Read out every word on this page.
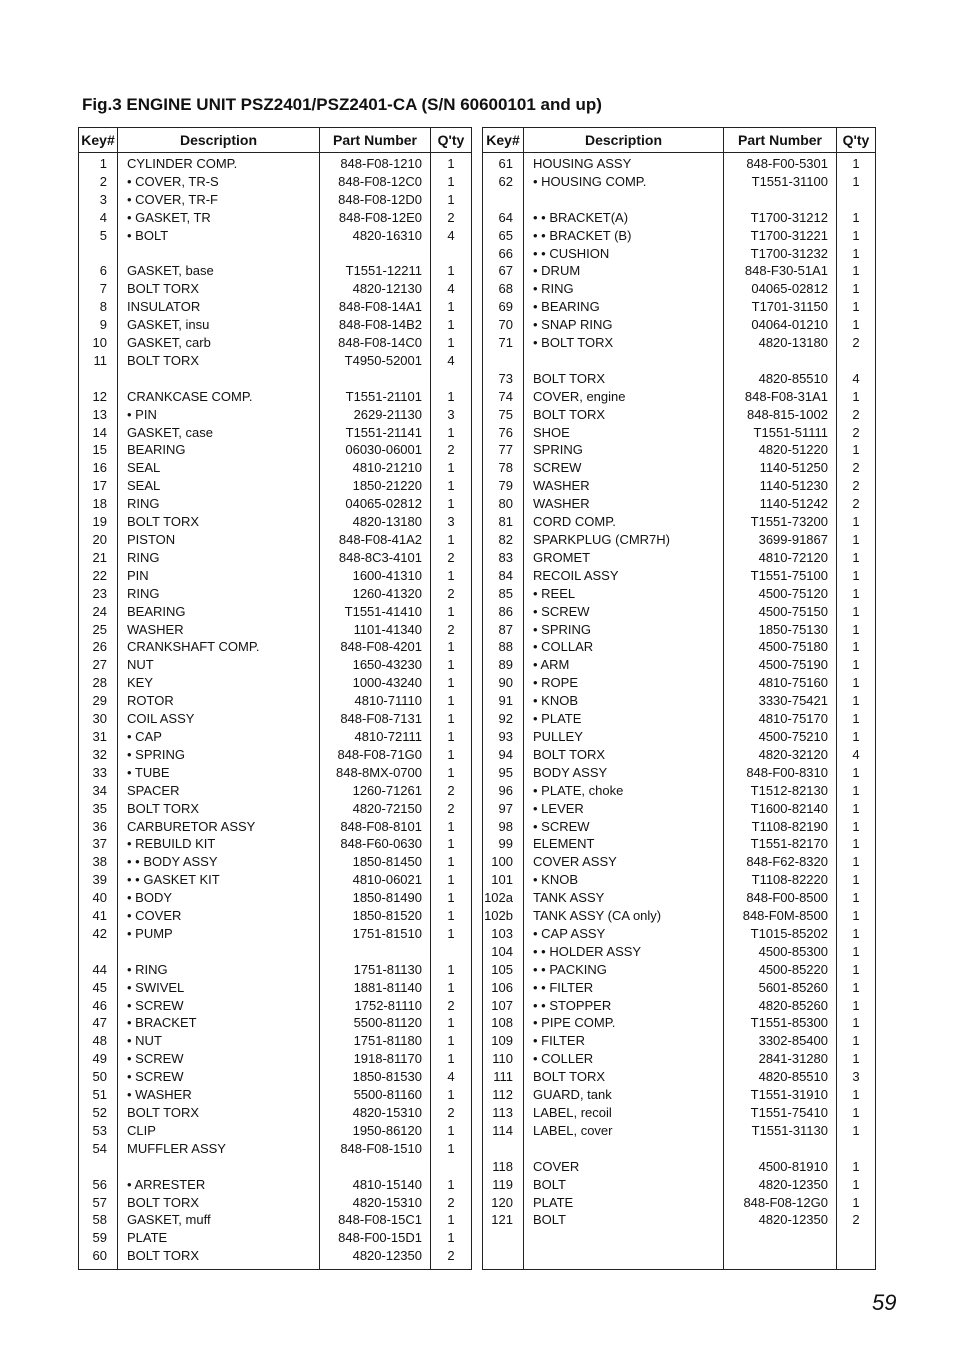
Fig.3 ENGINE UNIT PSZ2401/PSZ2401-CA (S/N 60600101 and up)
Key#	Description	Part Number	Q'ty
1	CYLINDER COMP.	848-F08-1210	1
2	• COVER, TR-S	848-F08-12C0	1
3	• COVER, TR-F	848-F08-12D0	1
4	• GASKET, TR	848-F08-12E0	2
5	• BOLT	4820-16310	4

6	GASKET, base	T1551-12211	1
7	BOLT TORX	4820-12130	4
8	INSULATOR	848-F08-14A1	1
9	GASKET, insu	848-F08-14B2	1
10	GASKET, carb	848-F08-14C0	1
11	BOLT TORX	T4950-52001	4

12	CRANKCASE COMP.	T1551-21101	1
13	• PIN	2629-21130	3
14	GASKET, case	T1551-21141	1
15	BEARING	06030-06001	2
16	SEAL	4810-21210	1
17	SEAL	1850-21220	1
18	RING	04065-02812	1
19	BOLT TORX	4820-13180	3
20	PISTON	848-F08-41A2	1
21	RING	848-8C3-4101	2
22	PIN	1600-41310	1
23	RING	1260-41320	2
24	BEARING	T1551-41410	1
25	WASHER	1101-41340	2
26	CRANKSHAFT COMP.	848-F08-4201	1
27	NUT	1650-43230	1
28	KEY	1000-43240	1
29	ROTOR	4810-71110	1
30	COIL ASSY	848-F08-7131	1
31	• CAP	4810-72111	1
32	• SPRING	848-F08-71G0	1
33	• TUBE	848-8MX-0700	1
34	SPACER	1260-71261	2
35	BOLT TORX	4820-72150	2
36	CARBURETOR ASSY	848-F08-8101	1
37	• REBUILD KIT	848-F60-0630	1
38	• • BODY ASSY	1850-81450	1
39	• • GASKET KIT	4810-06021	1
40	• BODY	1850-81490	1
41	• COVER	1850-81520	1
42	• PUMP	1751-81510	1

44	• RING	1751-81130	1
45	• SWIVEL	1881-81140	1
46	• SCREW	1752-81110	2
47	• BRACKET	5500-81120	1
48	• NUT	1751-81180	1
49	• SCREW	1918-81170	1
50	• SCREW	1850-81530	4
51	• WASHER	5500-81160	1
52	BOLT TORX	4820-15310	2
53	CLIP	1950-86120	1
54	MUFFLER ASSY	848-F08-1510	1

56	• ARRESTER	4810-15140	1
57	BOLT TORX	4820-15310	2
58	GASKET, muff	848-F08-15C1	1
59	PLATE	848-F00-15D1	1
60	BOLT TORX	4820-12350	2
Key#	Description	Part Number	Q'ty
61	HOUSING ASSY	848-F00-5301	1
62	• HOUSING COMP.	T1551-31100	1

64	• • BRACKET(A)	T1700-31212	1
65	• • BRACKET (B)	T1700-31221	1
66	• • CUSHION	T1700-31232	1
67	• DRUM	848-F30-51A1	1
68	• RING	04065-02812	1
69	• BEARING	T1701-31150	1
70	• SNAP RING	04064-01210	1
71	• BOLT TORX	4820-13180	2

73	BOLT TORX	4820-85510	4
74	COVER, engine	848-F08-31A1	1
75	BOLT TORX	848-815-1002	2
76	SHOE	T1551-51111	2
77	SPRING	4820-51220	1
78	SCREW	1140-51250	2
79	WASHER	1140-51230	2
80	WASHER	1140-51242	2
81	CORD COMP.	T1551-73200	1
82	SPARKPLUG (CMR7H)	3699-91867	1
83	GROMET	4810-72120	1
84	RECOIL ASSY	T1551-75100	1
85	• REEL	4500-75120	1
86	• SCREW	4500-75150	1
87	• SPRING	1850-75130	1
88	• COLLAR	4500-75180	1
89	• ARM	4500-75190	1
90	• ROPE	4810-75160	1
91	• KNOB	3330-75421	1
92	• PLATE	4810-75170	1
93	PULLEY	4500-75210	1
94	BOLT TORX	4820-32120	4
95	BODY ASSY	848-F00-8310	1
96	• PLATE, choke	T1512-82130	1
97	• LEVER	T1600-82140	1
98	• SCREW	T1108-82190	1
99	ELEMENT	T1551-82170	1
100	COVER ASSY	848-F62-8320	1
101	• KNOB	T1108-82220	1
102a	TANK ASSY	848-F00-8500	1
102b	TANK ASSY (CA only)	848-F0M-8500	1
103	• CAP ASSY	T1015-85202	1
104	• • HOLDER ASSY	4500-85300	1
105	• • PACKING	4500-85220	1
106	• • FILTER	5601-85260	1
107	• • STOPPER	4820-85260	1
108	• PIPE COMP.	T1551-85300	1
109	• FILTER	3302-85400	1
110	• COLLER	2841-31280	1
111	BOLT TORX	4820-85510	3
112	GUARD, tank	T1551-31910	1
113	LABEL, recoil	T1551-75410	1
114	LABEL, cover	T1551-31130	1

118	COVER	4500-81910	1
119	BOLT	4820-12350	1
120	PLATE	848-F08-12G0	1
121	BOLT	4820-12350	2

59
